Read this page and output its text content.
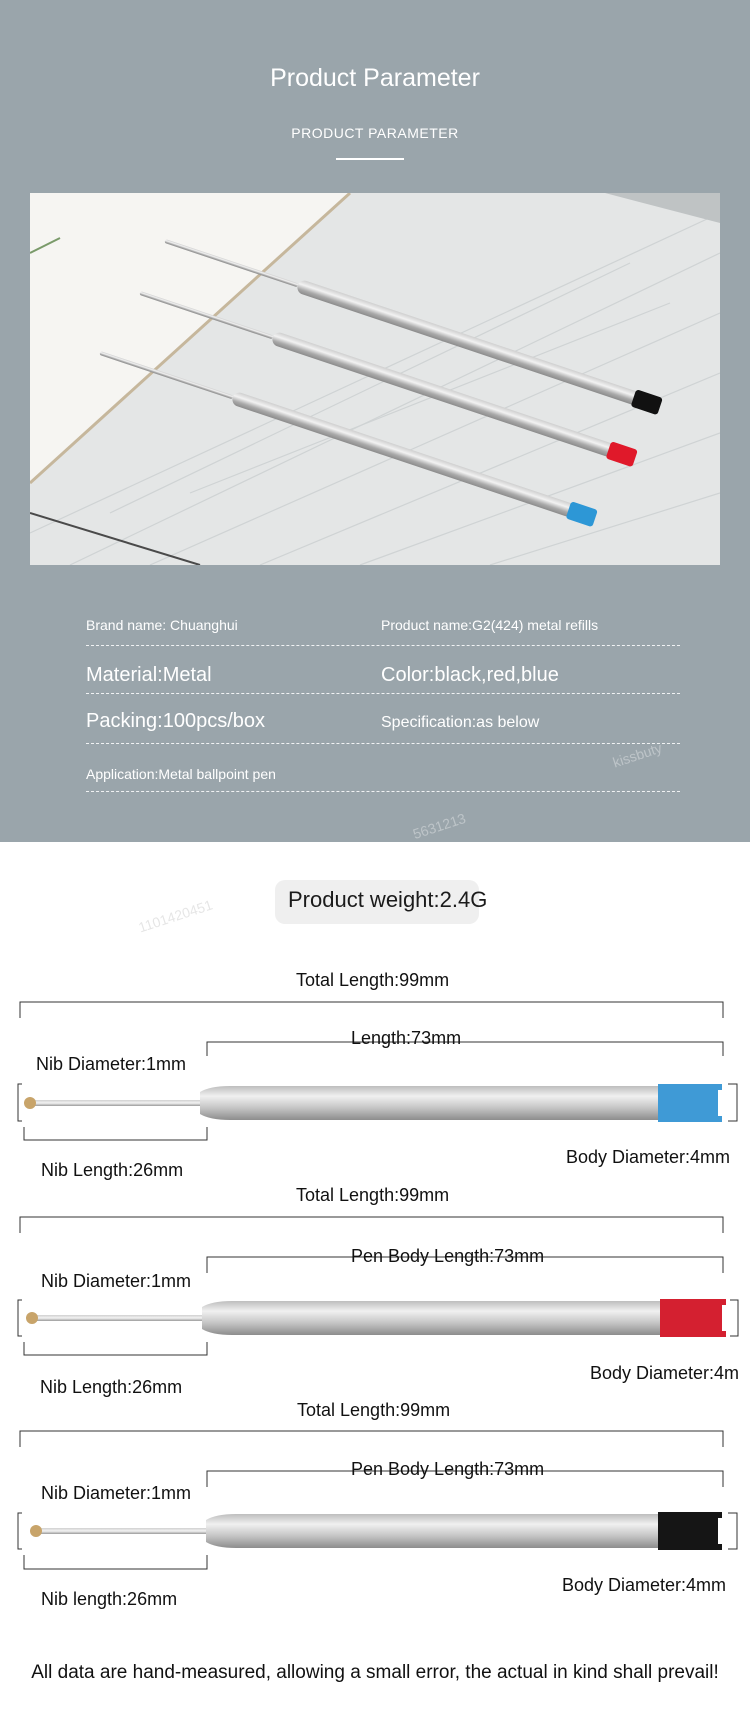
Product Parameter
PRODUCT PARAMETER
Brand name: Chuanghui	Product name:G2(424) metal refills
Material:Metal	Color:black,red,blue
Packing:100pcs/box	Specification:as below
Application:Metal ballpoint pen
kissbuty
5631213
1101420451	Product weight:2.4G
Total Length:99mm
Length:73mm
Nib Diameter:1mm
Nib Length:26mm
Body Diameter:4mm
Total Length:99mm
Pen Body Length:73mm
Nib Diameter:1mm
Nib Length:26mm
Body Diameter:4m
Total Length:99mm
Pen Body Length:73mm
Nib Diameter:1mm
Nib length:26mm
Body Diameter:4mm
All data are hand-measured, allowing a small error, the actual in kind shall prevail!
